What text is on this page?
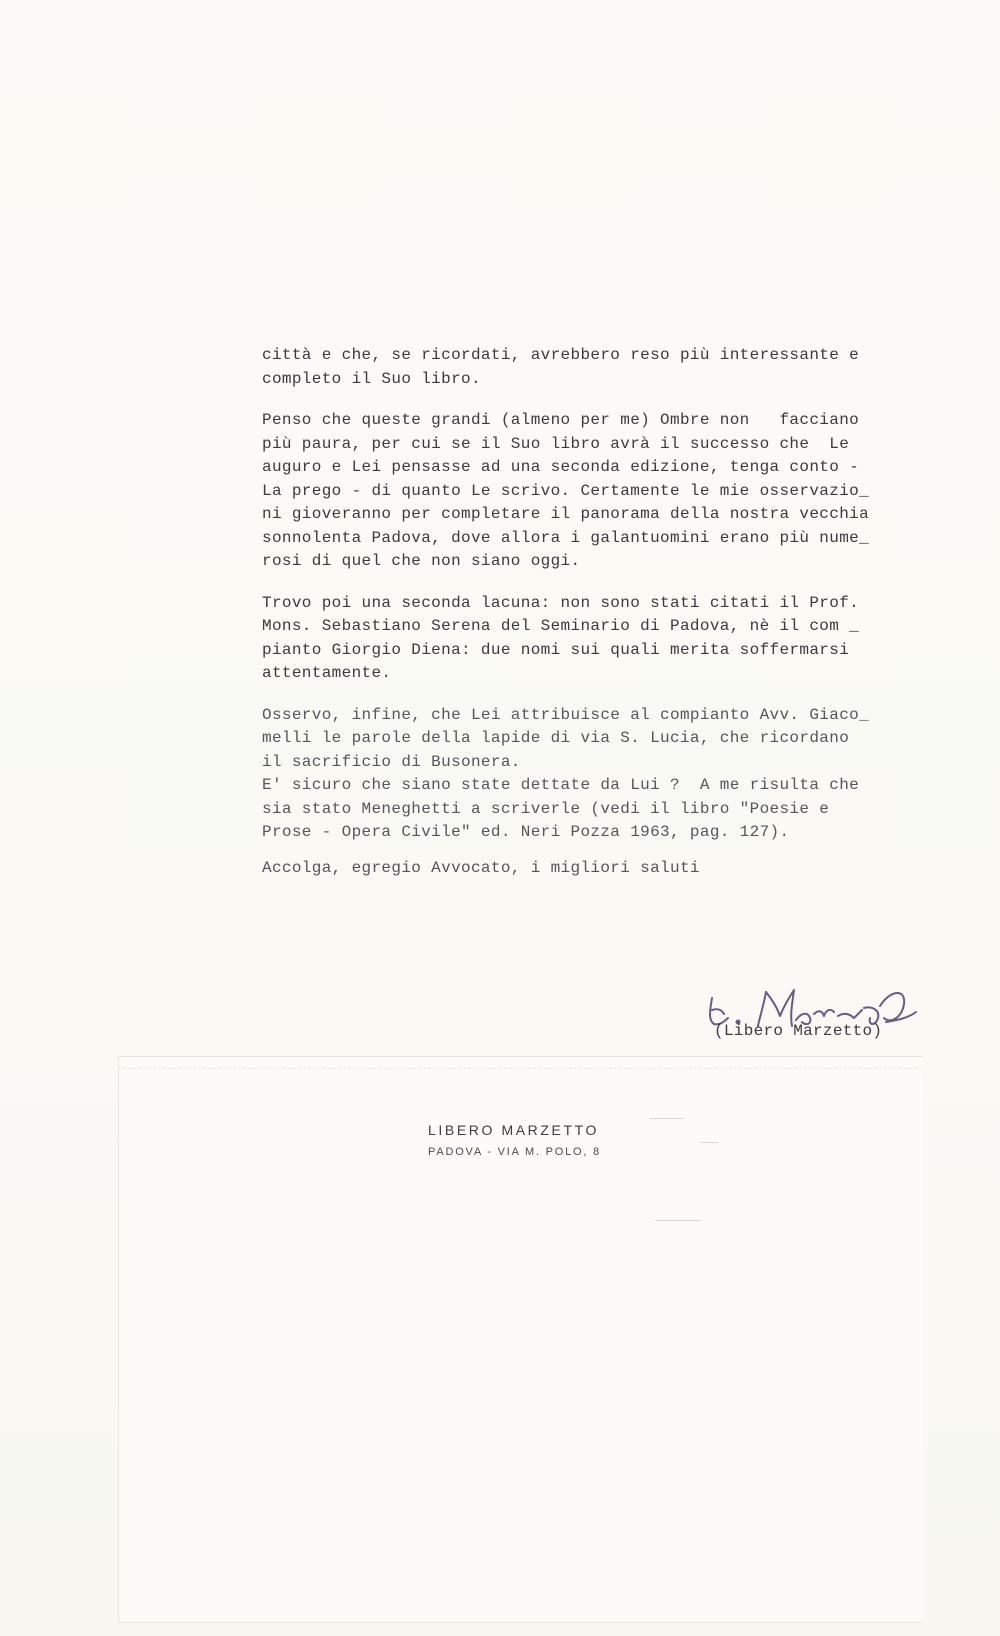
città e che, se ricordati, avrebbero reso più interessante e
completo il Suo libro.
Penso che queste grandi (almeno per me) Ombre non   facciano
più paura, per cui se il Suo libro avrà il successo che  Le
auguro e Lei pensasse ad una seconda edizione, tenga conto -
La prego - di quanto Le scrivo. Certamente le mie osservazio_
ni gioveranno per completare il panorama della nostra vecchia
sonnolenta Padova, dove allora i galantuomini erano più nume_
rosi di quel che non siano oggi.
Trovo poi una seconda lacuna: non sono stati citati il Prof.
Mons. Sebastiano Serena del Seminario di Padova, nè il com _
pianto Giorgio Diena: due nomi sui quali merita soffermarsi
attentamente.
Osservo, infine, che Lei attribuisce al compianto Avv. Giaco_
melli le parole della lapide di via S. Lucia, che ricordano
il sacrificio di Busonera.
E' sicuro che siano state dettate da Lui ?  A me risulta che
sia stato Meneghetti a scriverle (vedi il libro "Poesie e
Prose - Opera Civile" ed. Neri Pozza 1963, pag. 127).
Accolga, egregio Avvocato, i migliori saluti
(Libero Marzetto)
LIBERO MARZETTO
PADOVA - VIA M. POLO, 8
